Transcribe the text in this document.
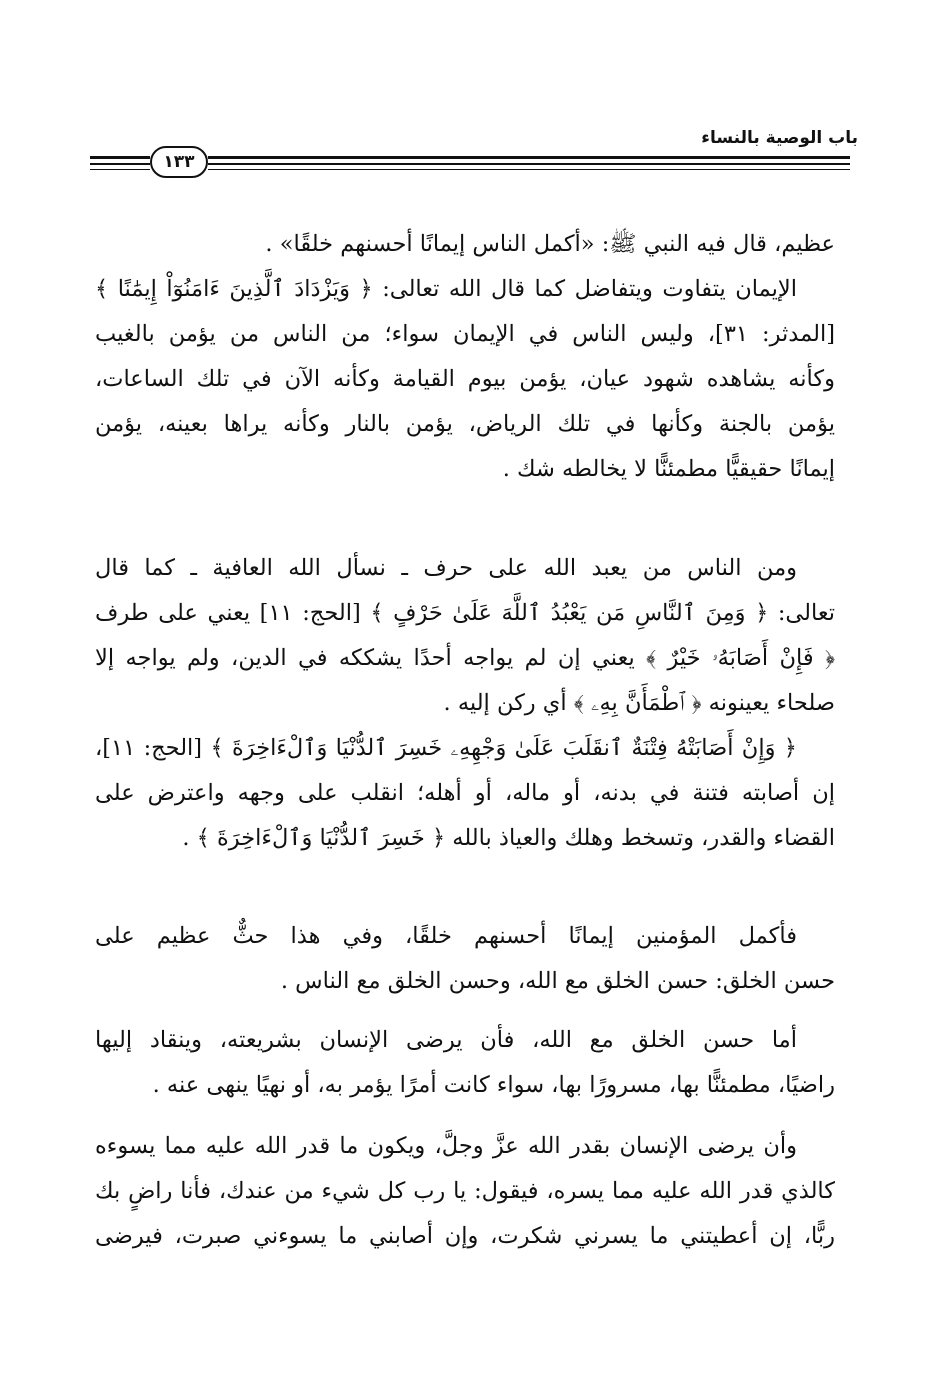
باب الوصية بالنساء
١٣٣
عظيم، قال فيه النبي ﷺ: «أكمل الناس إيمانًا أحسنهم خلقًا» .
الإيمان يتفاوت ويتفاضل كما قال الله تعالى: ﴿ وَيَزْدَادَ ٱلَّذِينَ ءَامَنُوٓاْ إِيمَٰنًا ﴾
[المدثر: ٣١]، وليس الناس في الإيمان سواء؛ من الناس من يؤمن بالغيب
وكأنه يشاهده شهود عيان، يؤمن بيوم القيامة وكأنه الآن في تلك الساعات،
يؤمن بالجنة وكأنها في تلك الرياض، يؤمن بالنار وكأنه يراها بعينه، يؤمن
إيمانًا حقيقيًّا مطمئنًّا لا يخالطه شك .
ومن الناس من يعبد الله على حرف ـ نسأل الله العافية ـ كما قال
تعالى: ﴿ وَمِنَ ٱلنَّاسِ مَن يَعْبُدُ ٱللَّهَ عَلَىٰ حَرْفٍ ﴾ [الحج: ١١] يعني على طرف
﴿ فَإِنْ أَصَابَهُۥ خَيْرٌ ﴾ يعني إن لم يواجه أحدًا يشككه في الدين، ولم يواجه إلا
صلحاء يعينونه ﴿ ٱطْمَأَنَّ بِهِۦ ﴾ أي ركن إليه .
﴿ وَإِنْ أَصَابَتْهُ فِتْنَةٌ ٱنقَلَبَ عَلَىٰ وَجْهِهِۦ خَسِرَ ٱلدُّنْيَا وَٱلْءَاخِرَةَ ﴾ [الحج: ١١]،
إن أصابته فتنة في بدنه، أو ماله، أو أهله؛ انقلب على وجهه واعترض على
القضاء والقدر، وتسخط وهلك والعياذ بالله ﴿ خَسِرَ ٱلدُّنْيَا وَٱلْءَاخِرَةَ ﴾ .
فأكمل المؤمنين إيمانًا أحسنهم خلقًا، وفي هذا حثٌّ عظيم على
حسن الخلق: حسن الخلق مع الله، وحسن الخلق مع الناس .
أما حسن الخلق مع الله، فأن يرضى الإنسان بشريعته، وينقاد إليها
راضيًا، مطمئنًّا بها، مسرورًا بها، سواء كانت أمرًا يؤمر به، أو نهيًا ينهى عنه .
وأن يرضى الإنسان بقدر الله عزَّ وجلَّ، ويكون ما قدر الله عليه مما يسوءه
كالذي قدر الله عليه مما يسره، فيقول: يا رب كل شيء من عندك، فأنا راضٍ بك
ربًّا، إن أعطيتني ما يسرني شكرت، وإن أصابني ما يسوءني صبرت، فيرضى
